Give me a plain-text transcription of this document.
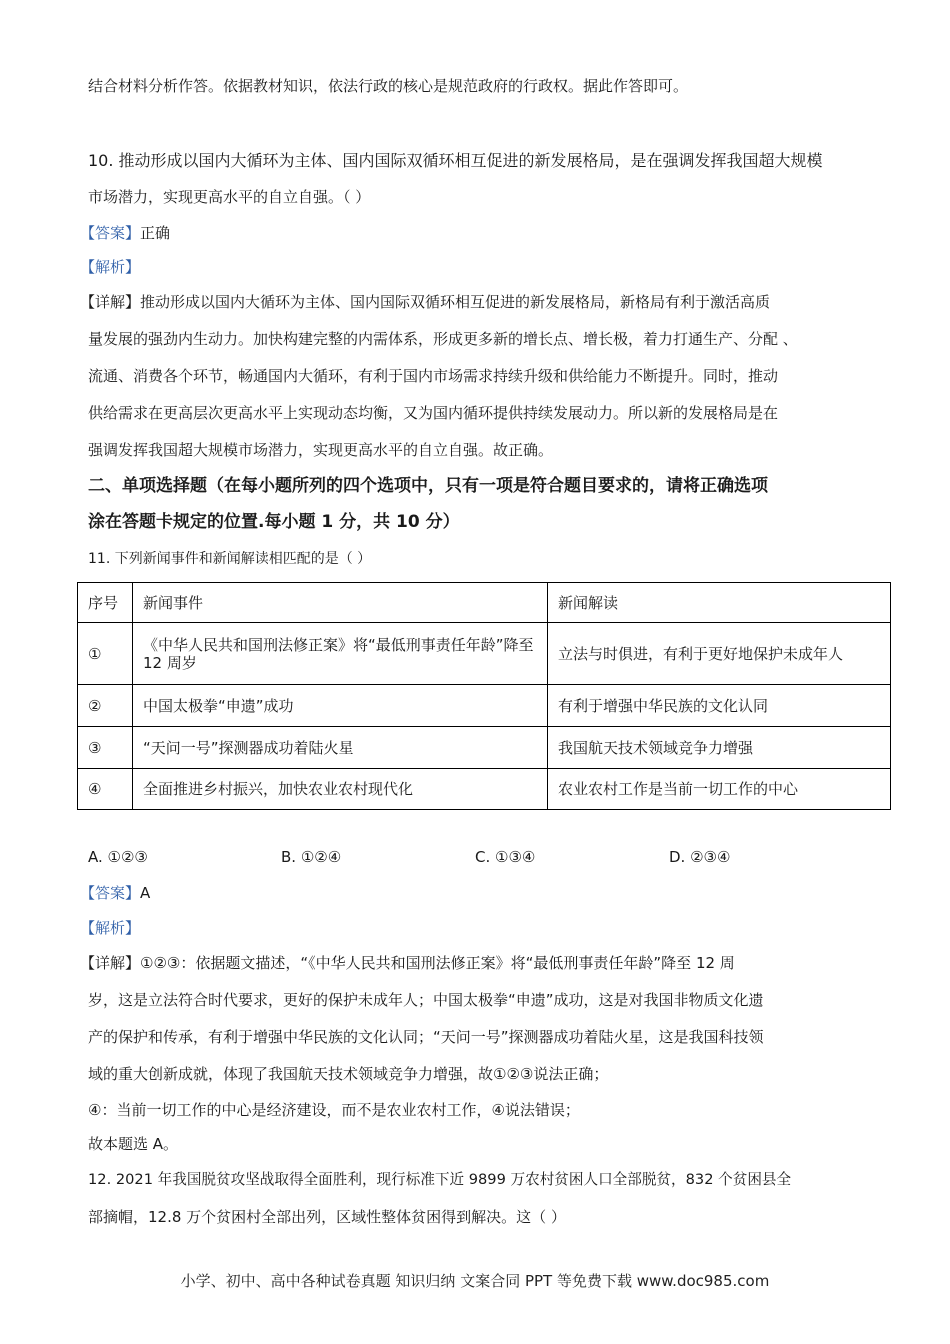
结合材料分析作答。依据教材知识，依法行政的核心是规范政府的行政权。据此作答即可。
10. 推动形成以国内大循环为主体、国内国际双循环相互促进的新发展格局，是在强调发挥我国超大规模
市场潜力，实现更高水平的自立自强。（ ）
【答案】正确
【解析】
【详解】推动形成以国内大循环为主体、国内国际双循环相互促进的新发展格局，新格局有利于激活高质
量发展的强劲内生动力。加快构建完整的内需体系，形成更多新的增长点、增长极，着力打通生产、分配 、
流通、消费各个环节，畅通国内大循环，有利于国内市场需求持续升级和供给能力不断提升。同时，推动
供给需求在更高层次更高水平上实现动态均衡，又为国内循环提供持续发展动力。所以新的发展格局是在
强调发挥我国超大规模市场潜力，实现更高水平的自立自强。故正确。
二、单项选择题（在每小题所列的四个选项中，只有一项是符合题目要求的，请将正确选项
涂在答题卡规定的位置.每小题 1 分，共 10 分）
11. 下列新闻事件和新闻解读相匹配的是（ ）
序号	新闻事件	新闻解读
①	《中华人民共和国刑法修正案》将“最低刑事责任年龄”降至 12 周岁	立法与时俱进，有利于更好地保护未成年人
②	中国太极拳“申遗”成功	有利于增强中华民族的文化认同
③	“天问一号”探测器成功着陆火星	我国航天技术领域竞争力增强
④	全面推进乡村振兴，加快农业农村现代化	农业农村工作是当前一切工作的中心
A. ①②③	B. ①②④	C. ①③④	D. ②③④
【答案】A
【解析】
【详解】①②③：依据题文描述，“《中华人民共和国刑法修正案》将“最低刑事责任年龄”降至 12 周
岁，这是立法符合时代要求，更好的保护未成年人；中国太极拳“申遗”成功，这是对我国非物质文化遗
产的保护和传承，有利于增强中华民族的文化认同；“天问一号”探测器成功着陆火星，这是我国科技领
域的重大创新成就，体现了我国航天技术领域竞争力增强，故①②③说法正确；
④：当前一切工作的中心是经济建设，而不是农业农村工作，④说法错误；
故本题选 A。
12. 2021 年我国脱贫攻坚战取得全面胜利，现行标准下近 9899 万农村贫困人口全部脱贫，832 个贫困县全
部摘帽，12.8 万个贫困村全部出列，区域性整体贫困得到解决。这（ ）
小学、初中、高中各种试卷真题 知识归纳 文案合同 PPT 等免费下载 www.doc985.com
